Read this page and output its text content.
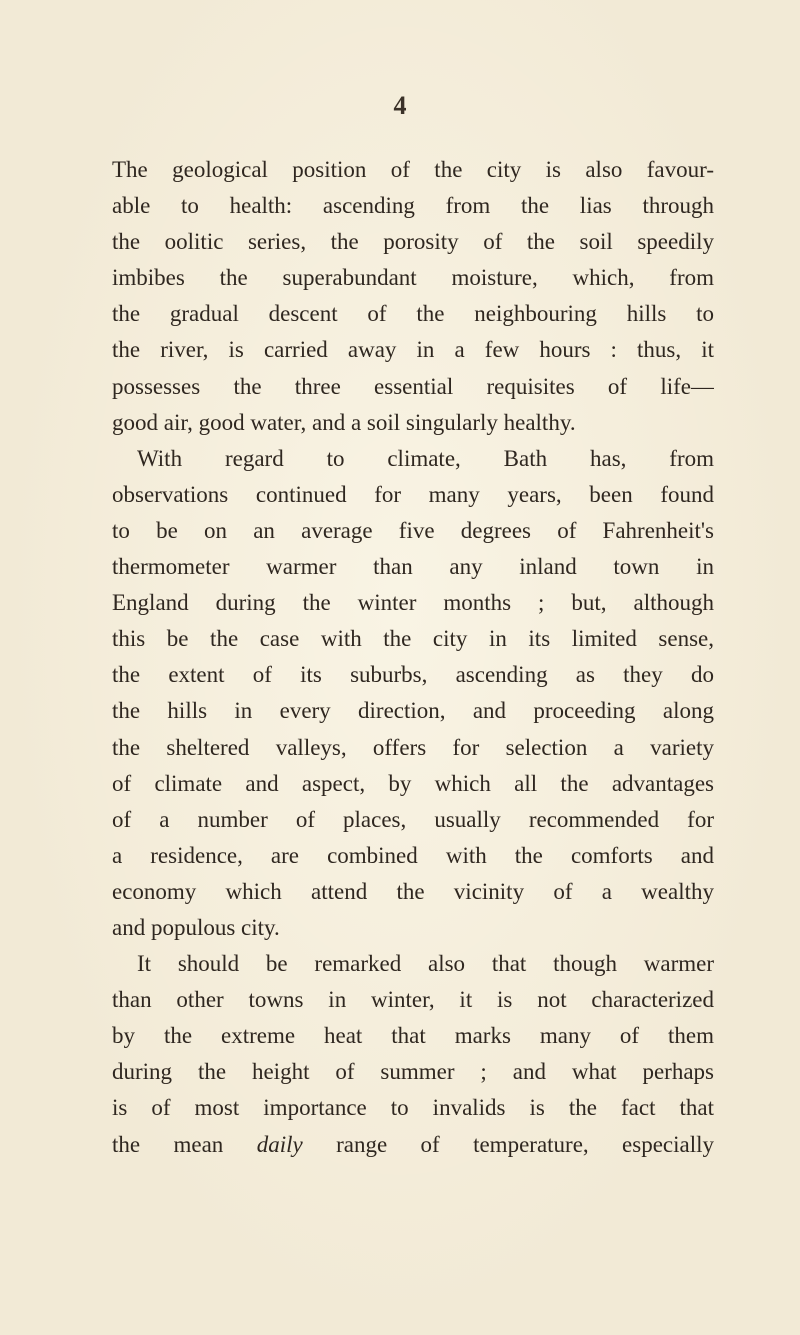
4
The geological position of the city is also favour-
able to health: ascending from the lias through
the oolitic series, the porosity of the soil speedily
imbibes the superabundant moisture, which, from
the gradual descent of the neighbouring hills to
the river, is carried away in a few hours : thus, it
possesses the three essential requisites of life—
good air, good water, and a soil singularly healthy.
With regard to climate, Bath has, from
observations continued for many years, been found
to be on an average five degrees of Fahrenheit's
thermometer warmer than any inland town in
England during the winter months ; but, although
this be the case with the city in its limited sense,
the extent of its suburbs, ascending as they do
the hills in every direction, and proceeding along
the sheltered valleys, offers for selection a variety
of climate and aspect, by which all the advantages
of a number of places, usually recommended for
a residence, are combined with the comforts and
economy which attend the vicinity of a wealthy
and populous city.
It should be remarked also that though warmer
than other towns in winter, it is not characterized
by the extreme heat that marks many of them
during the height of summer ; and what perhaps
is of most importance to invalids is the fact that
the mean daily range of temperature, especially
